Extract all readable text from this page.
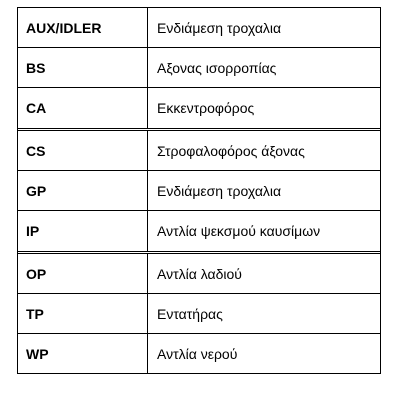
AUX/IDLER	Ενδιάμεση τροχαλια
BS	Αξονας ισορροπίας
CA	Εκκεντροφόρος
CS	Στροφαλοφόρος άξονας
GP	Ενδιάμεση τροχαλια
IP	Αντλία ψεκσμού καυσίμων
OP	Αντλία λαδιού
TP	Εντατήρας
WP	Αντλία νερού
